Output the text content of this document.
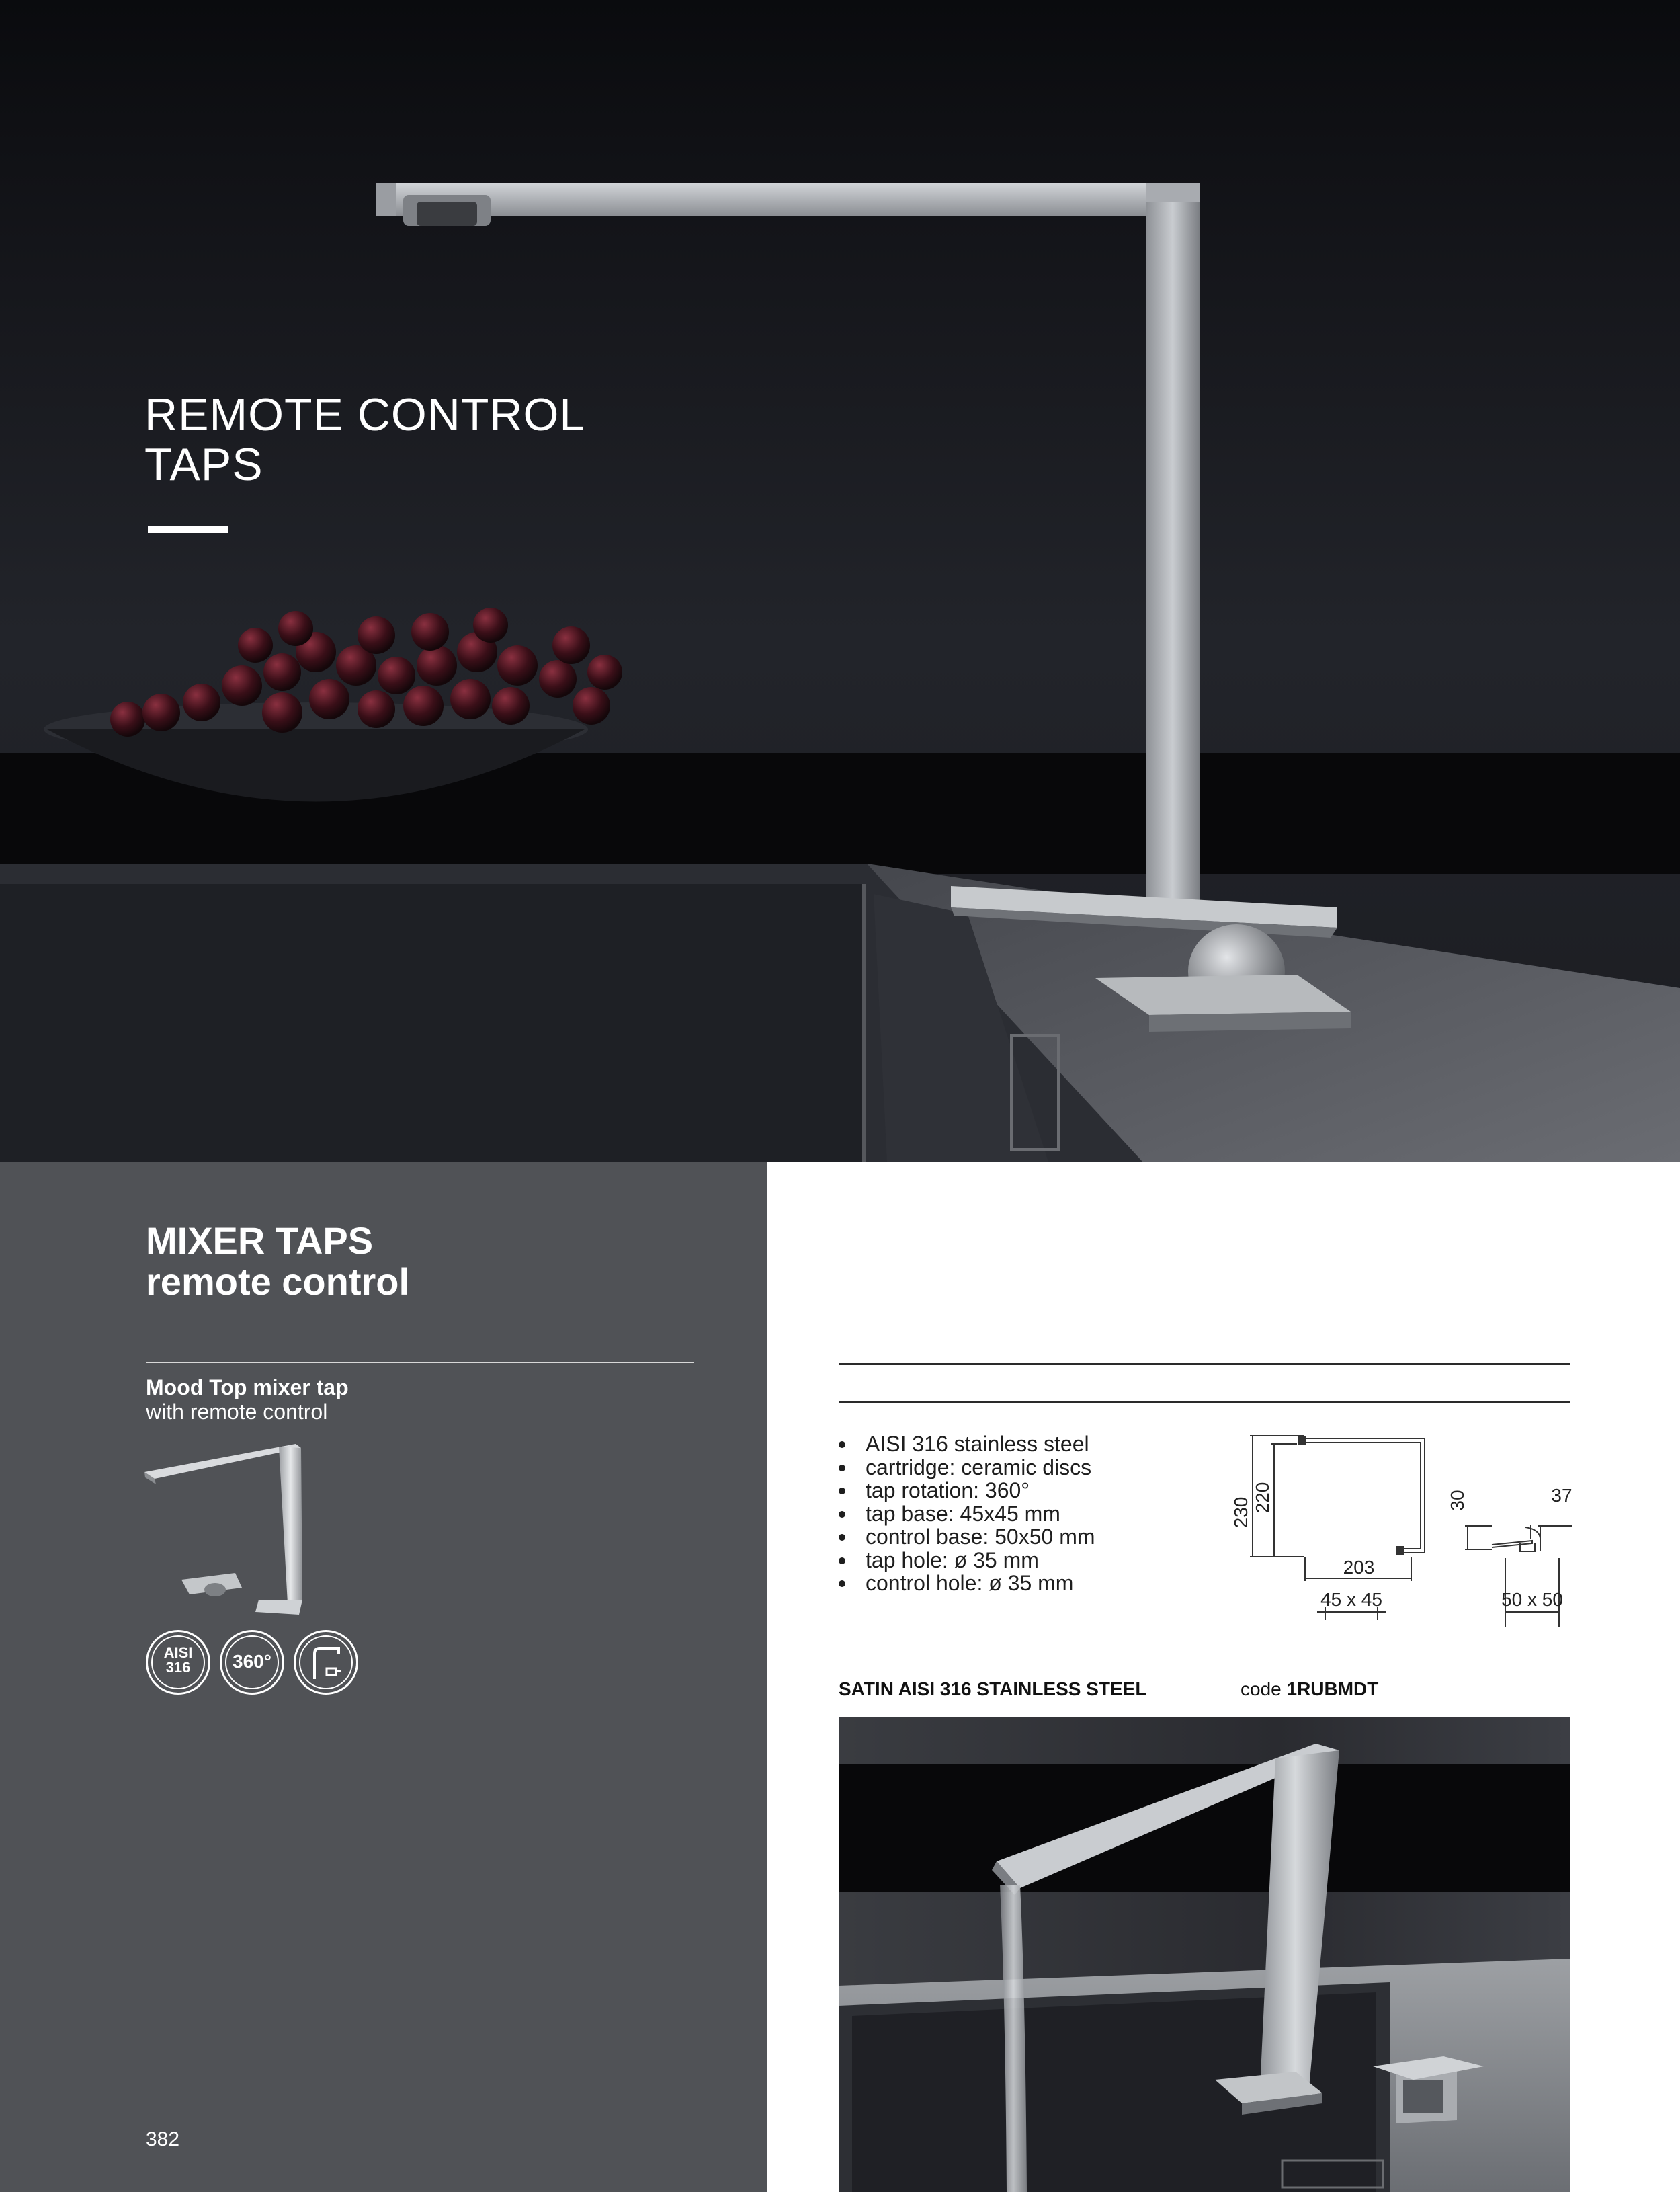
REMOTE CONTROL
TAPS
MIXER TAPS
remote control
Mood Top mixer tap
with remote control
AISI
316	360°
382
AISI 316 stainless steel
cartridge: ceramic discs
tap rotation: 360°
tap base: 45x45 mm
control base: 50x50 mm
tap hole: ø 35 mm
control hole: ø 35 mm
230 220
203
45 x 45
30	37
50 x 50
SATIN AISI 316 STAINLESS STEEL	code 1RUBMDT
